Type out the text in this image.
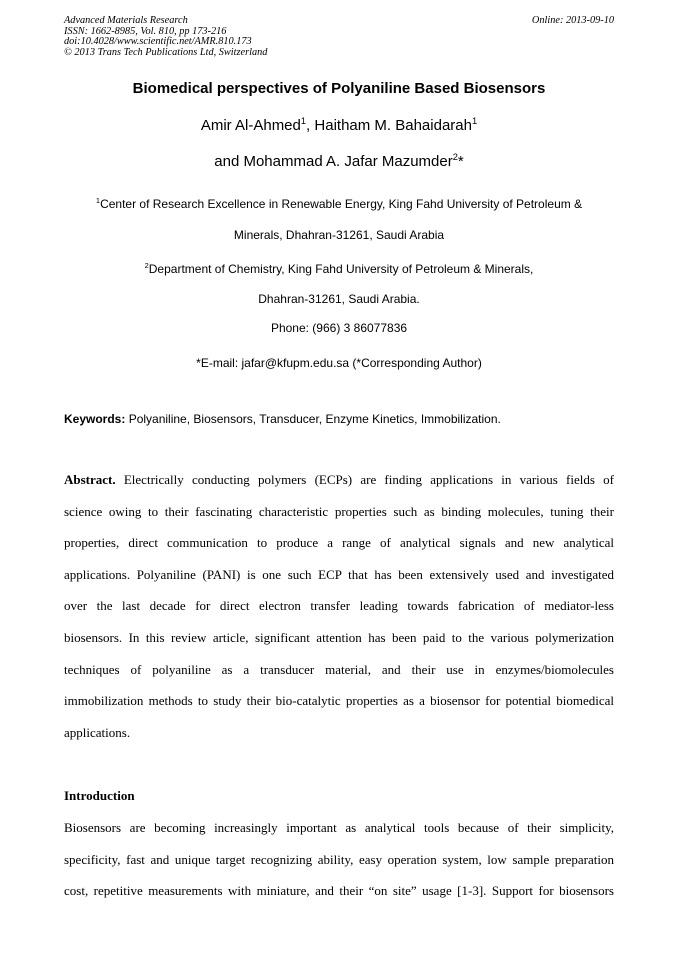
Advanced Materials Research
ISSN: 1662-8985, Vol. 810, pp 173-216
doi:10.4028/www.scientific.net/AMR.810.173
© 2013 Trans Tech Publications Ltd, Switzerland
Online: 2013-09-10
Biomedical perspectives of Polyaniline Based Biosensors
Amir Al-Ahmed$^1$, Haitham M. Bahaidarah$^1$
and Mohammad A. Jafar Mazumder$^2$*
$^1$Center of Research Excellence in Renewable Energy, King Fahd University of Petroleum &
Minerals, Dhahran-31261, Saudi Arabia
$^2$Department of Chemistry, King Fahd University of Petroleum & Minerals,
Dhahran-31261, Saudi Arabia.
Phone: (966) 3 86077836
*E-mail: jafar@kfupm.edu.sa (*Corresponding Author)
Keywords: Polyaniline, Biosensors, Transducer, Enzyme Kinetics, Immobilization.
Abstract. Electrically conducting polymers (ECPs) are finding applications in various fields of
science owing to their fascinating characteristic properties such as binding molecules, tuning their
properties, direct communication to produce a range of analytical signals and new analytical
applications. Polyaniline (PANI) is one such ECP that has been extensively used and investigated
over the last decade for direct electron transfer leading towards fabrication of mediator-less
biosensors. In this review article, significant attention has been paid to the various polymerization
techniques of polyaniline as a transducer material, and their use in enzymes/biomolecules
immobilization methods to study their bio-catalytic properties as a biosensor for potential biomedical
applications.
Introduction
Biosensors are becoming increasingly important as analytical tools because of their simplicity,
specificity, fast and unique target recognizing ability, easy operation system, low sample preparation
cost, repetitive measurements with miniature, and their “on site” usage [1-3]. Support for biosensors
